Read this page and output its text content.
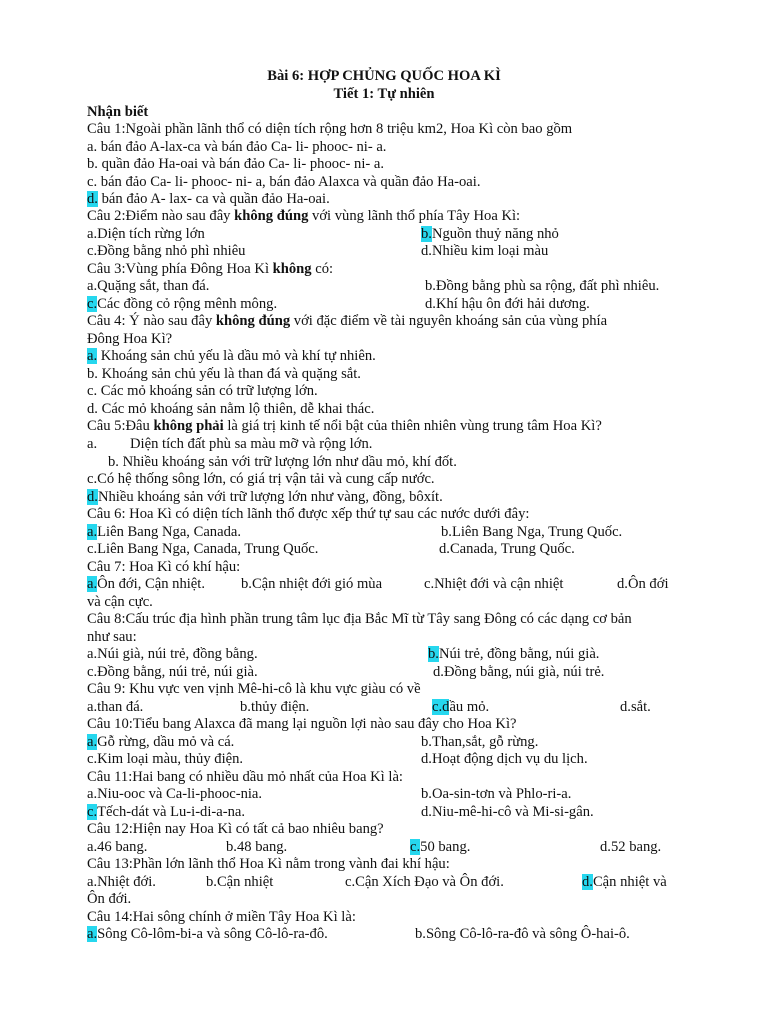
Bài 6: HỢP CHỦNG QUỐC HOA KÌ
Tiết 1: Tự nhiên
Nhận biết
Câu 1:Ngoài phần lãnh thổ có diện tích rộng hơn 8 triệu km2, Hoa Kì còn bao gồm
a. bán đảo A-lax-ca và bán đảo Ca- li- phooc- ni- a.
b. quần đảo Ha-oai và bán đảo Ca- li- phooc- ni- a.
c. bán đảo Ca- li- phooc- ni- a, bán đảo Alaxca và quần đảo Ha-oai.
d. bán đảo A- lax- ca và quần đảo Ha-oai.
Câu 2:Điểm nào sau đây không đúng với vùng lãnh thổ phía Tây Hoa Kì:
a.Diện tích rừng lớn	b.Nguồn thuỷ năng nhỏ
c.Đồng bằng nhỏ phì nhiêu	d.Nhiều kim loại màu
Câu 3:Vùng phía Đông Hoa Kì không có:
a.Quặng sắt, than đá.	b.Đồng bằng phù sa rộng, đất phì nhiêu.
c.Các đồng cỏ rộng mênh mông.	d.Khí hậu ôn đới hải dương.
Câu 4: Ý nào sau đây không đúng với đặc điểm về tài nguyên khoáng sản của vùng phía
Đông Hoa Kì?
a. Khoáng sản chủ yếu là dầu mỏ và khí tự nhiên.
b. Khoáng sản chủ yếu là than đá và quặng sắt.
c. Các mỏ khoáng sản có trữ lượng lớn.
d. Các mỏ khoáng sản nằm lộ thiên, dễ khai thác.
Câu 5:Đâu không phải là giá trị kinh tế nổi bật của thiên nhiên vùng trung tâm Hoa Kì?
a. Diện tích đất phù sa màu mỡ và rộng lớn.
b. Nhiều khoáng sản với trữ lượng lớn như dầu mỏ, khí đốt.
c.Có hệ thống sông lớn, có giá trị vận tải và cung cấp nước.
d.Nhiều khoáng sản với trữ lượng lớn như vàng, đồng, bôxít.
Câu 6: Hoa Kì có diện tích lãnh thổ được xếp thứ tự sau các nước dưới đây:
a.Liên Bang Nga, Canada.	b.Liên Bang Nga, Trung Quốc.
c.Liên Bang Nga, Canada, Trung Quốc.	d.Canada, Trung Quốc.
Câu 7: Hoa Kì có khí hậu:
a.Ôn đới, Cận nhiệt. b.Cận nhiệt đới gió mùa	c.Nhiệt đới và cận nhiệt	d.Ôn đới
và cận cực.
Câu 8:Cấu trúc địa hình phần trung tâm lục địa Bắc Mĩ từ Tây sang Đông có các dạng cơ bản
như sau:
a.Núi già, núi trẻ, đồng bằng.	b.Núi trẻ, đồng bằng, núi già.
c.Đồng bằng, núi trẻ, núi già.	d.Đồng bằng, núi già, núi trẻ.
Câu 9: Khu vực ven vịnh Mê-hi-cô là khu vực giàu có về
a.than đá.	b.thủy điện.	c.dầu mỏ.	d.sắt.
Câu 10:Tiểu bang Alaxca đã mang lại nguồn lợi nào sau đây cho Hoa Kì?
a.Gỗ rừng, dầu mỏ và cá.	b.Than,sắt, gỗ rừng.
c.Kim loại màu, thủy điện.	d.Hoạt động dịch vụ du lịch.
Câu 11:Hai bang có nhiều dầu mỏ nhất của Hoa Kì là:
a.Niu-ooc và Ca-li-phooc-nia.	b.Oa-sin-tơn và Phlo-ri-a.
c.Tếch-dát và Lu-i-di-a-na.	d.Niu-mê-hi-cô và Mi-si-gân.
Câu 12:Hiện nay Hoa Kì có tất cả bao nhiêu bang?
a.46 bang.	b.48 bang.	c.50 bang.	d.52 bang.
Câu 13:Phần lớn lãnh thổ Hoa Kì nằm trong vành đai khí hậu:
a.Nhiệt đới.	b.Cận nhiệt	c.Cận Xích Đạo và Ôn đới.	d.Cận nhiệt và
Ôn đới.
Câu 14:Hai sông chính ở miền Tây Hoa Kì là:
a.Sông Cô-lôm-bi-a và sông Cô-lô-ra-đô.	b.Sông Cô-lô-ra-đô và sông Ô-hai-ô.
